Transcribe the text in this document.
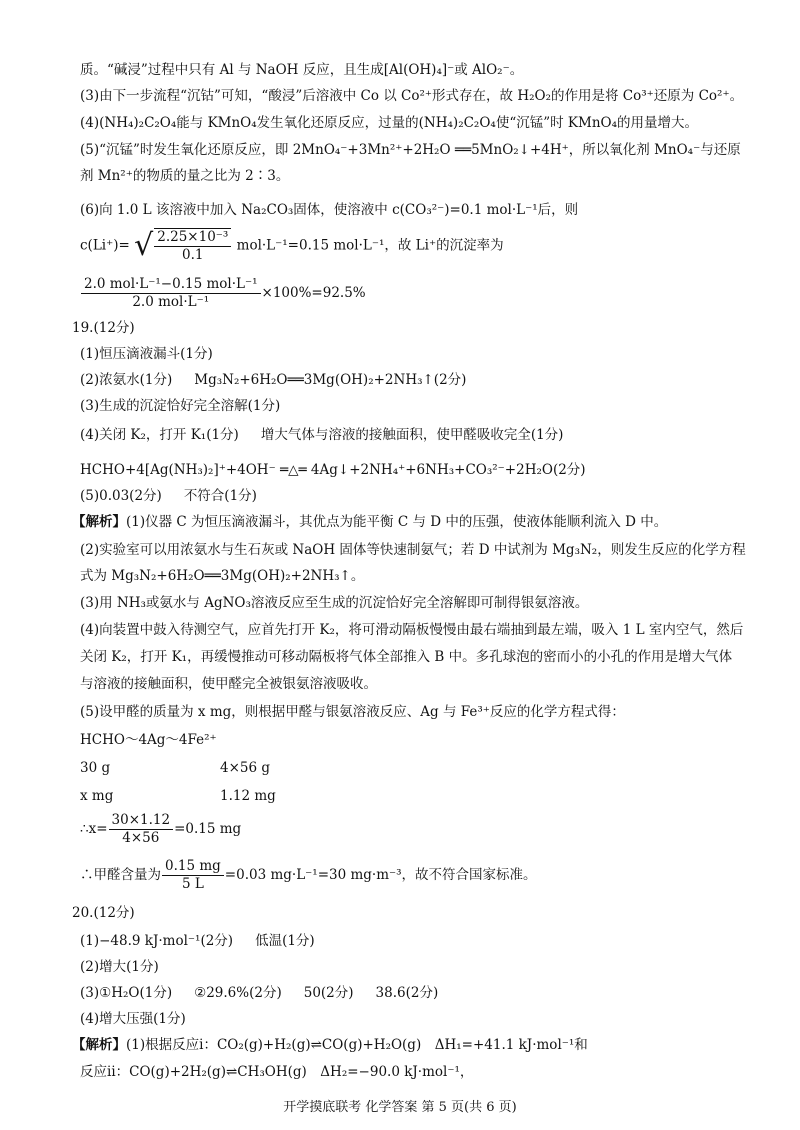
质。“碱浸”过程中只有 Al 与 NaOH 反应，且生成[Al(OH)₄]⁻或 AlO₂⁻。
(3)由下一步流程“沉钴”可知，“酸浸”后溶液中 Co 以 Co²⁺形式存在，故 H₂O₂的作用是将 Co³⁺还原为 Co²⁺。
(4)(NH₄)₂C₂O₄能与 KMnO₄发生氧化还原反应，过量的(NH₄)₂C₂O₄使“沉锰”时 KMnO₄的用量增大。
(5)“沉锰”时发生氧化还原反应，即 2MnO₄⁻+3Mn²⁺+2H₂O ══5MnO₂↓+4H⁺，所以氧化剂 MnO₄⁻与还原
剂 Mn²⁺的物质的量之比为 2∶3。
(6)向 1.0 L 该溶液中加入 Na₂CO₃固体，使溶液中 c(CO₃²⁻)=0.1 mol·L⁻¹后，则
c(Li⁺)= √ $\frac{\text{2.25×10⁻³}}{0.1} mol\cdot L^{-1}=0.15$ mol·L⁻¹，故 Li⁺的沉淀率为
$\frac{\text{2.0 mol·L⁻¹−0.15 mol·L⁻¹}}{\text{2.0 mol·L⁻¹}} \times 100\%=92.5\%$
19.(12分)
(1)恒压滴液漏斗(1分)
(2)浓氨水(1分) Mg₃N₂+6H₂O══3Mg(OH)₂+2NH₃↑(2分)
(3)生成的沉淀恰好完全溶解(1分)
(4)关闭 K₂，打开 K₁(1分) 增大气体与溶液的接触面积，使甲醛吸收完全(1分)
HCHO+4[Ag(NH₃)₂]⁺+4OH⁻ ═△═ 4Ag↓+2NH₄⁺+6NH₃+CO₃²⁻+2H₂O(2分)
(5)0.03(2分) 不符合(1分)
【解析】(1)仪器 C 为恒压滴液漏斗，其优点为能平衡 C 与 D 中的压强，使液体能顺利流入 D 中。
(2)实验室可以用浓氨水与生石灰或 NaOH 固体等快速制氨气；若 D 中试剂为 Mg₃N₂，则发生反应的化学方程
式为 Mg₃N₂+6H₂O══3Mg(OH)₂+2NH₃↑。
(3)用 NH₃或氨水与 AgNO₃溶液反应至生成的沉淀恰好完全溶解即可制得银氨溶液。
(4)向装置中鼓入待测空气，应首先打开 K₂，将可滑动隔板慢慢由最右端抽到最左端，吸入 1 L 室内空气，然后
关闭 K₂，打开 K₁，再缓慢推动可移动隔板将气体全部推入 B 中。多孔球泡的密而小的小孔的作用是增大气体
与溶液的接触面积，使甲醛完全被银氨溶液吸收。
(5)设甲醛的质量为 x mg，则根据甲醛与银氨溶液反应、Ag 与 Fe³⁺反应的化学方程式得：
HCHO～4Ag～4Fe²⁺
30 g	4×56 g
x mg	1.12 mg
∴x= $\frac{30\times 1.12}{4\times 56} =0.15$ mg
∴甲醛含量为 $\frac{0.15 mg}{5 L} =0.03$ mg·L⁻¹=30 mg·m⁻³，故不符合国家标准。
20.(12分)
(1)−48.9 kJ·mol⁻¹(2分) 低温(1分)
(2)增大(1分)
(3)①H₂O(1分) ②29.6%(2分) 50(2分) 38.6(2分)
(4)增大压强(1分)
【解析】(1)根据反应ⅰ：CO₂(g)+H₂(g)⇌CO(g)+H₂O(g)　ΔH₁=+41.1 kJ·mol⁻¹和
反应ⅱ：CO(g)+2H₂(g)⇌CH₃OH(g)　ΔH₂=−90.0 kJ·mol⁻¹，
开学摸底联考 化学答案 第 5 页(共 6 页)
